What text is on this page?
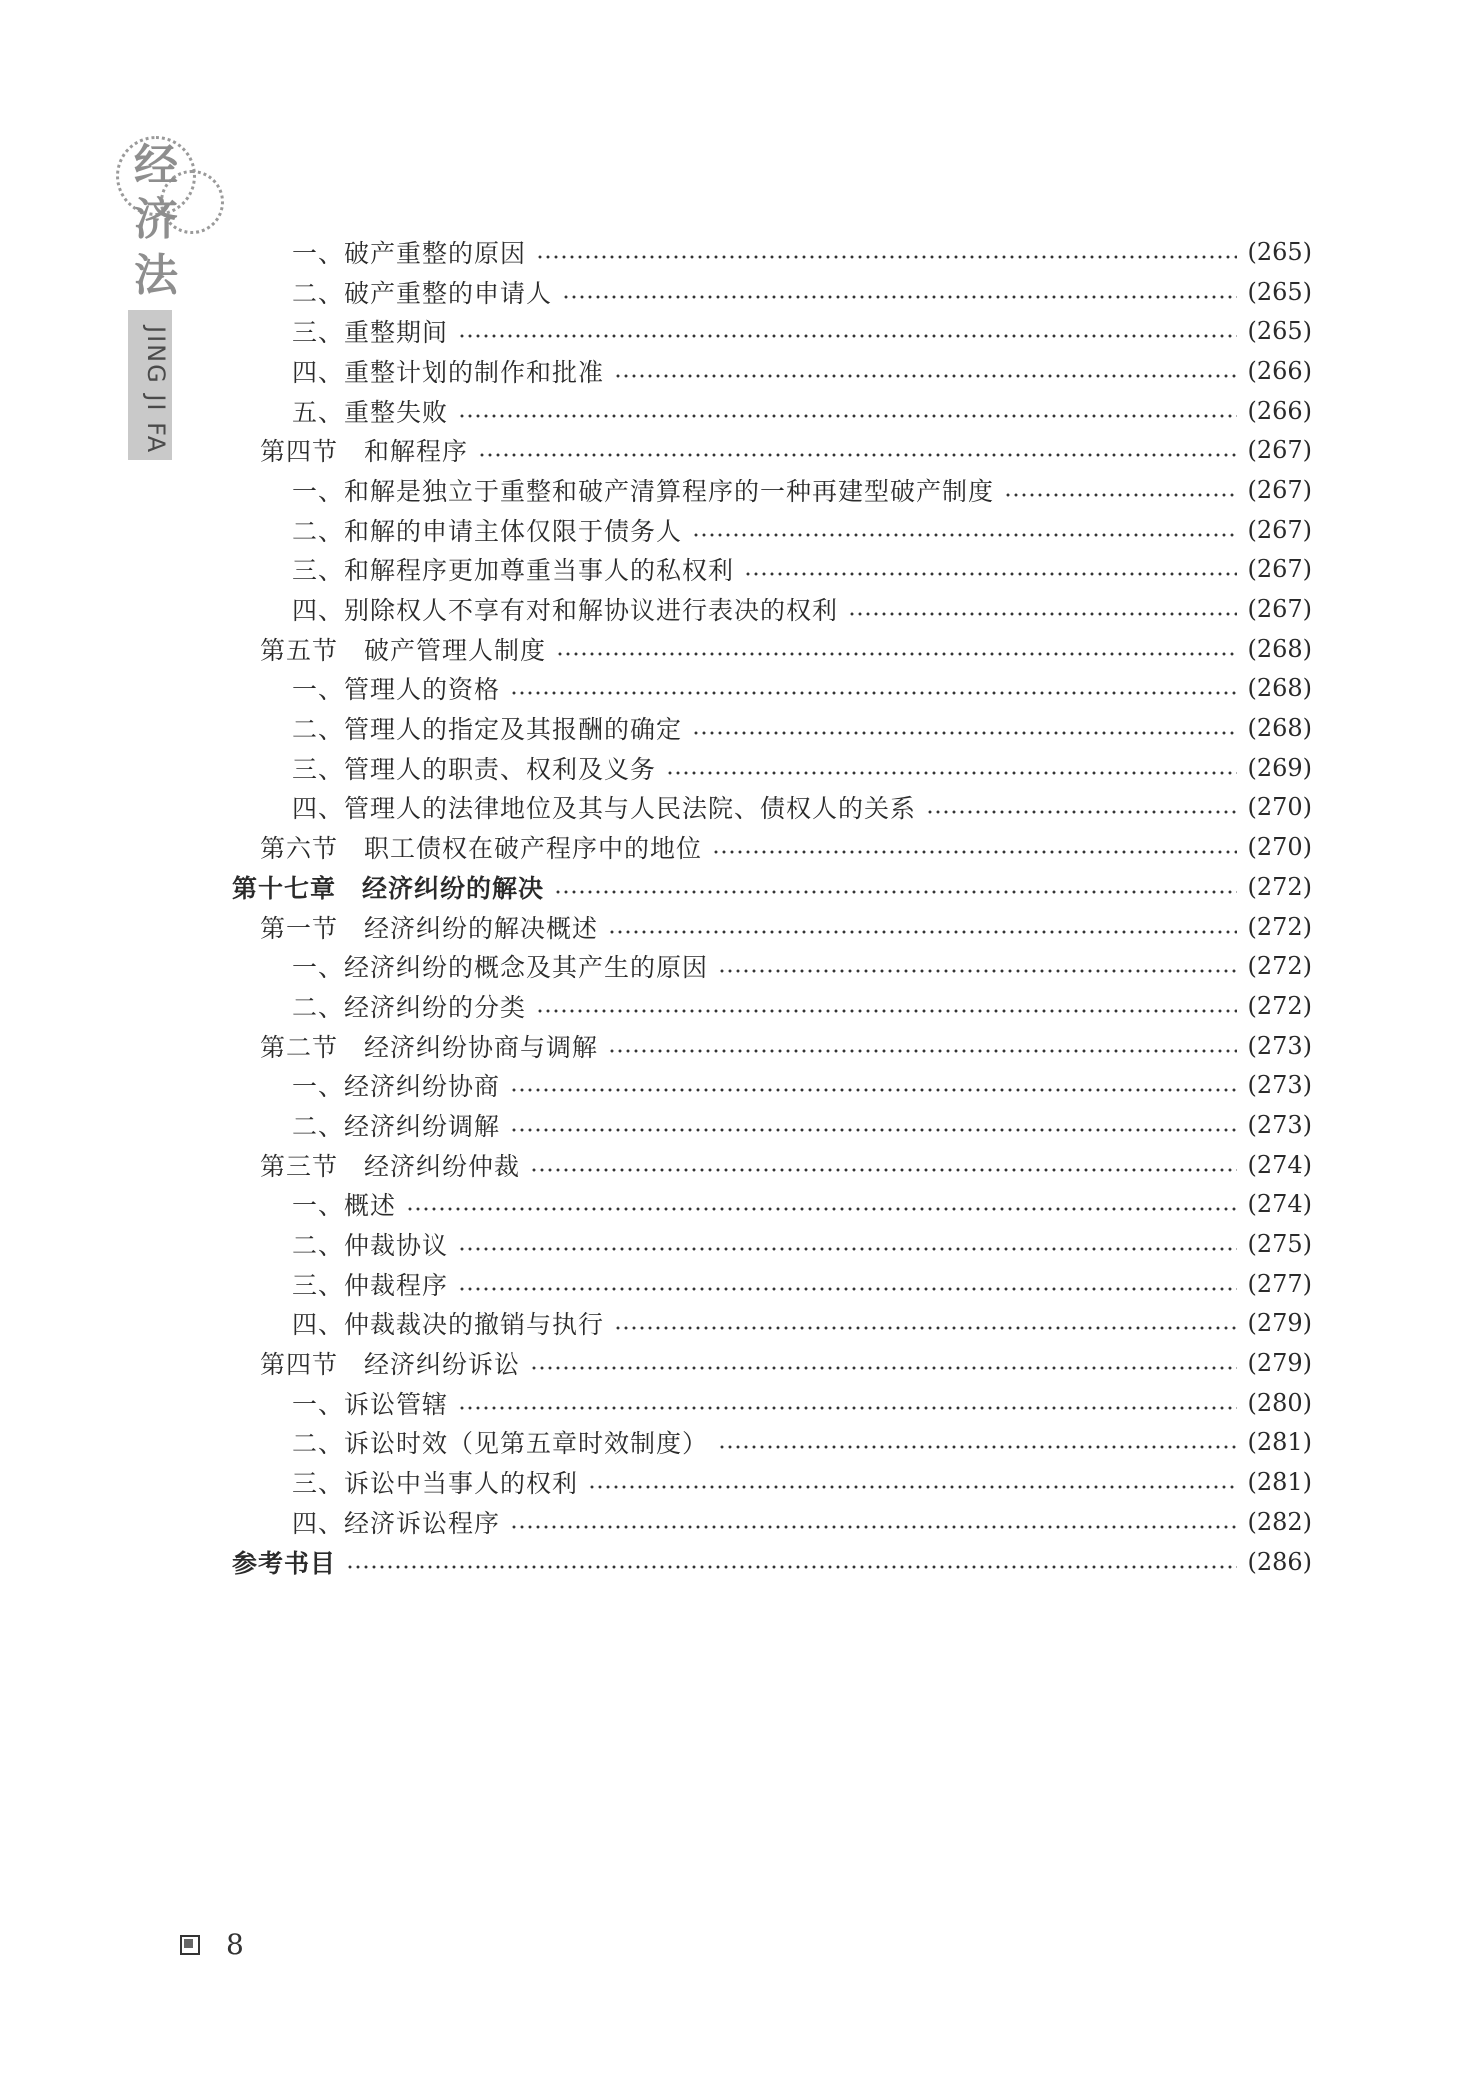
经
济
法
JING JI FA
一、破产重整的原因	(265)
二、破产重整的申请人	(265)
三、重整期间	(265)
四、重整计划的制作和批准	(266)
五、重整失败	(266)
第四节　和解程序	(267)
一、和解是独立于重整和破产清算程序的一种再建型破产制度	(267)
二、和解的申请主体仅限于债务人	(267)
三、和解程序更加尊重当事人的私权利	(267)
四、别除权人不享有对和解协议进行表决的权利	(267)
第五节　破产管理人制度	(268)
一、管理人的资格	(268)
二、管理人的指定及其报酬的确定	(268)
三、管理人的职责、权利及义务	(269)
四、管理人的法律地位及其与人民法院、债权人的关系	(270)
第六节　职工债权在破产程序中的地位	(270)
第十七章　经济纠纷的解决	(272)
第一节　经济纠纷的解决概述	(272)
一、经济纠纷的概念及其产生的原因	(272)
二、经济纠纷的分类	(272)
第二节　经济纠纷协商与调解	(273)
一、经济纠纷协商	(273)
二、经济纠纷调解	(273)
第三节　经济纠纷仲裁	(274)
一、概述	(274)
二、仲裁协议	(275)
三、仲裁程序	(277)
四、仲裁裁决的撤销与执行	(279)
第四节　经济纠纷诉讼	(279)
一、诉讼管辖	(280)
二、诉讼时效（见第五章时效制度）	(281)
三、诉讼中当事人的权利	(281)
四、经济诉讼程序	(282)
参考书目	(286)
8
